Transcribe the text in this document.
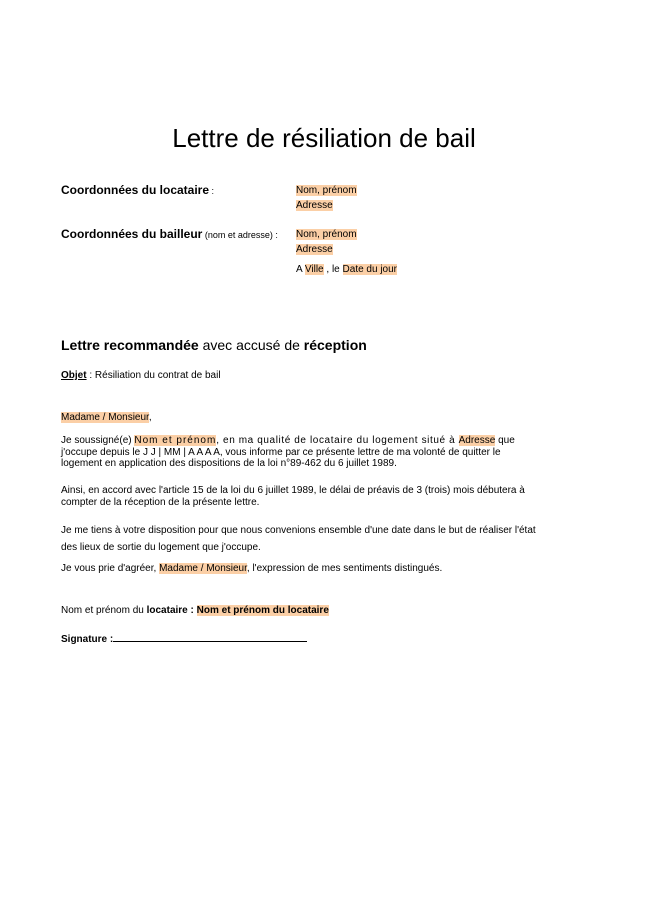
Lettre de résiliation de bail
Coordonnées du locataire :	Nom, prénom
Adresse
Coordonnées du bailleur (nom et adresse) : Nom, prénom
Adresse
A Ville , le Date du jour
Lettre recommandée avec accusé de réception
Objet : Résiliation du contrat de bail
Madame / Monsieur,
Je soussigné(e) Nom et prénom, en ma qualité de locataire du logement situé à Adresse que j'occupe depuis le J J | MM | A A A A, vous informe par ce présente lettre de ma volonté de quitter le logement en application des dispositions de la loi n°89-462 du 6 juillet 1989.
Ainsi, en accord avec l'article 15 de la loi du 6 juillet 1989, le délai de préavis de 3 (trois) mois débutera à compter de la réception de la présente lettre.
Je me tiens à votre disposition pour que nous convenions ensemble d'une date dans le but de réaliser l'état des lieux de sortie du logement que j'occupe.
Je vous prie d'agréer, Madame / Monsieur, l'expression de mes sentiments distingués.
Nom et prénom du locataire : Nom et prénom du locataire
Signature :
